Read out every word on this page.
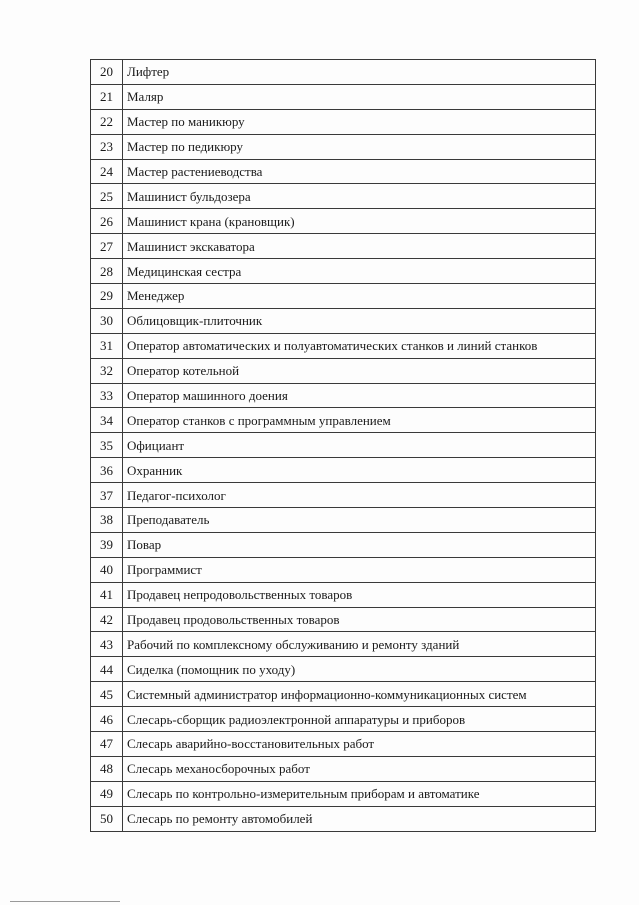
20	Лифтер
21	Маляр
22	Мастер по маникюру
23	Мастер по педикюру
24	Мастер растениеводства
25	Машинист бульдозера
26	Машинист крана (крановщик)
27	Машинист экскаватора
28	Медицинская сестра
29	Менеджер
30	Облицовщик-плиточник
31	Оператор автоматических и полуавтоматических станков и линий станков
32	Оператор котельной
33	Оператор машинного доения
34	Оператор станков с программным управлением
35	Официант
36	Охранник
37	Педагог-психолог
38	Преподаватель
39	Повар
40	Программист
41	Продавец непродовольственных товаров
42	Продавец продовольственных товаров
43	Рабочий по комплексному обслуживанию и ремонту зданий
44	Сиделка (помощник по уходу)
45	Системный администратор информационно-коммуникационных систем
46	Слесарь-сборщик радиоэлектронной аппаратуры и приборов
47	Слесарь аварийно-восстановительных работ
48	Слесарь механосборочных работ
49	Слесарь по контрольно-измерительным приборам и автоматике
50	Слесарь по ремонту автомобилей
